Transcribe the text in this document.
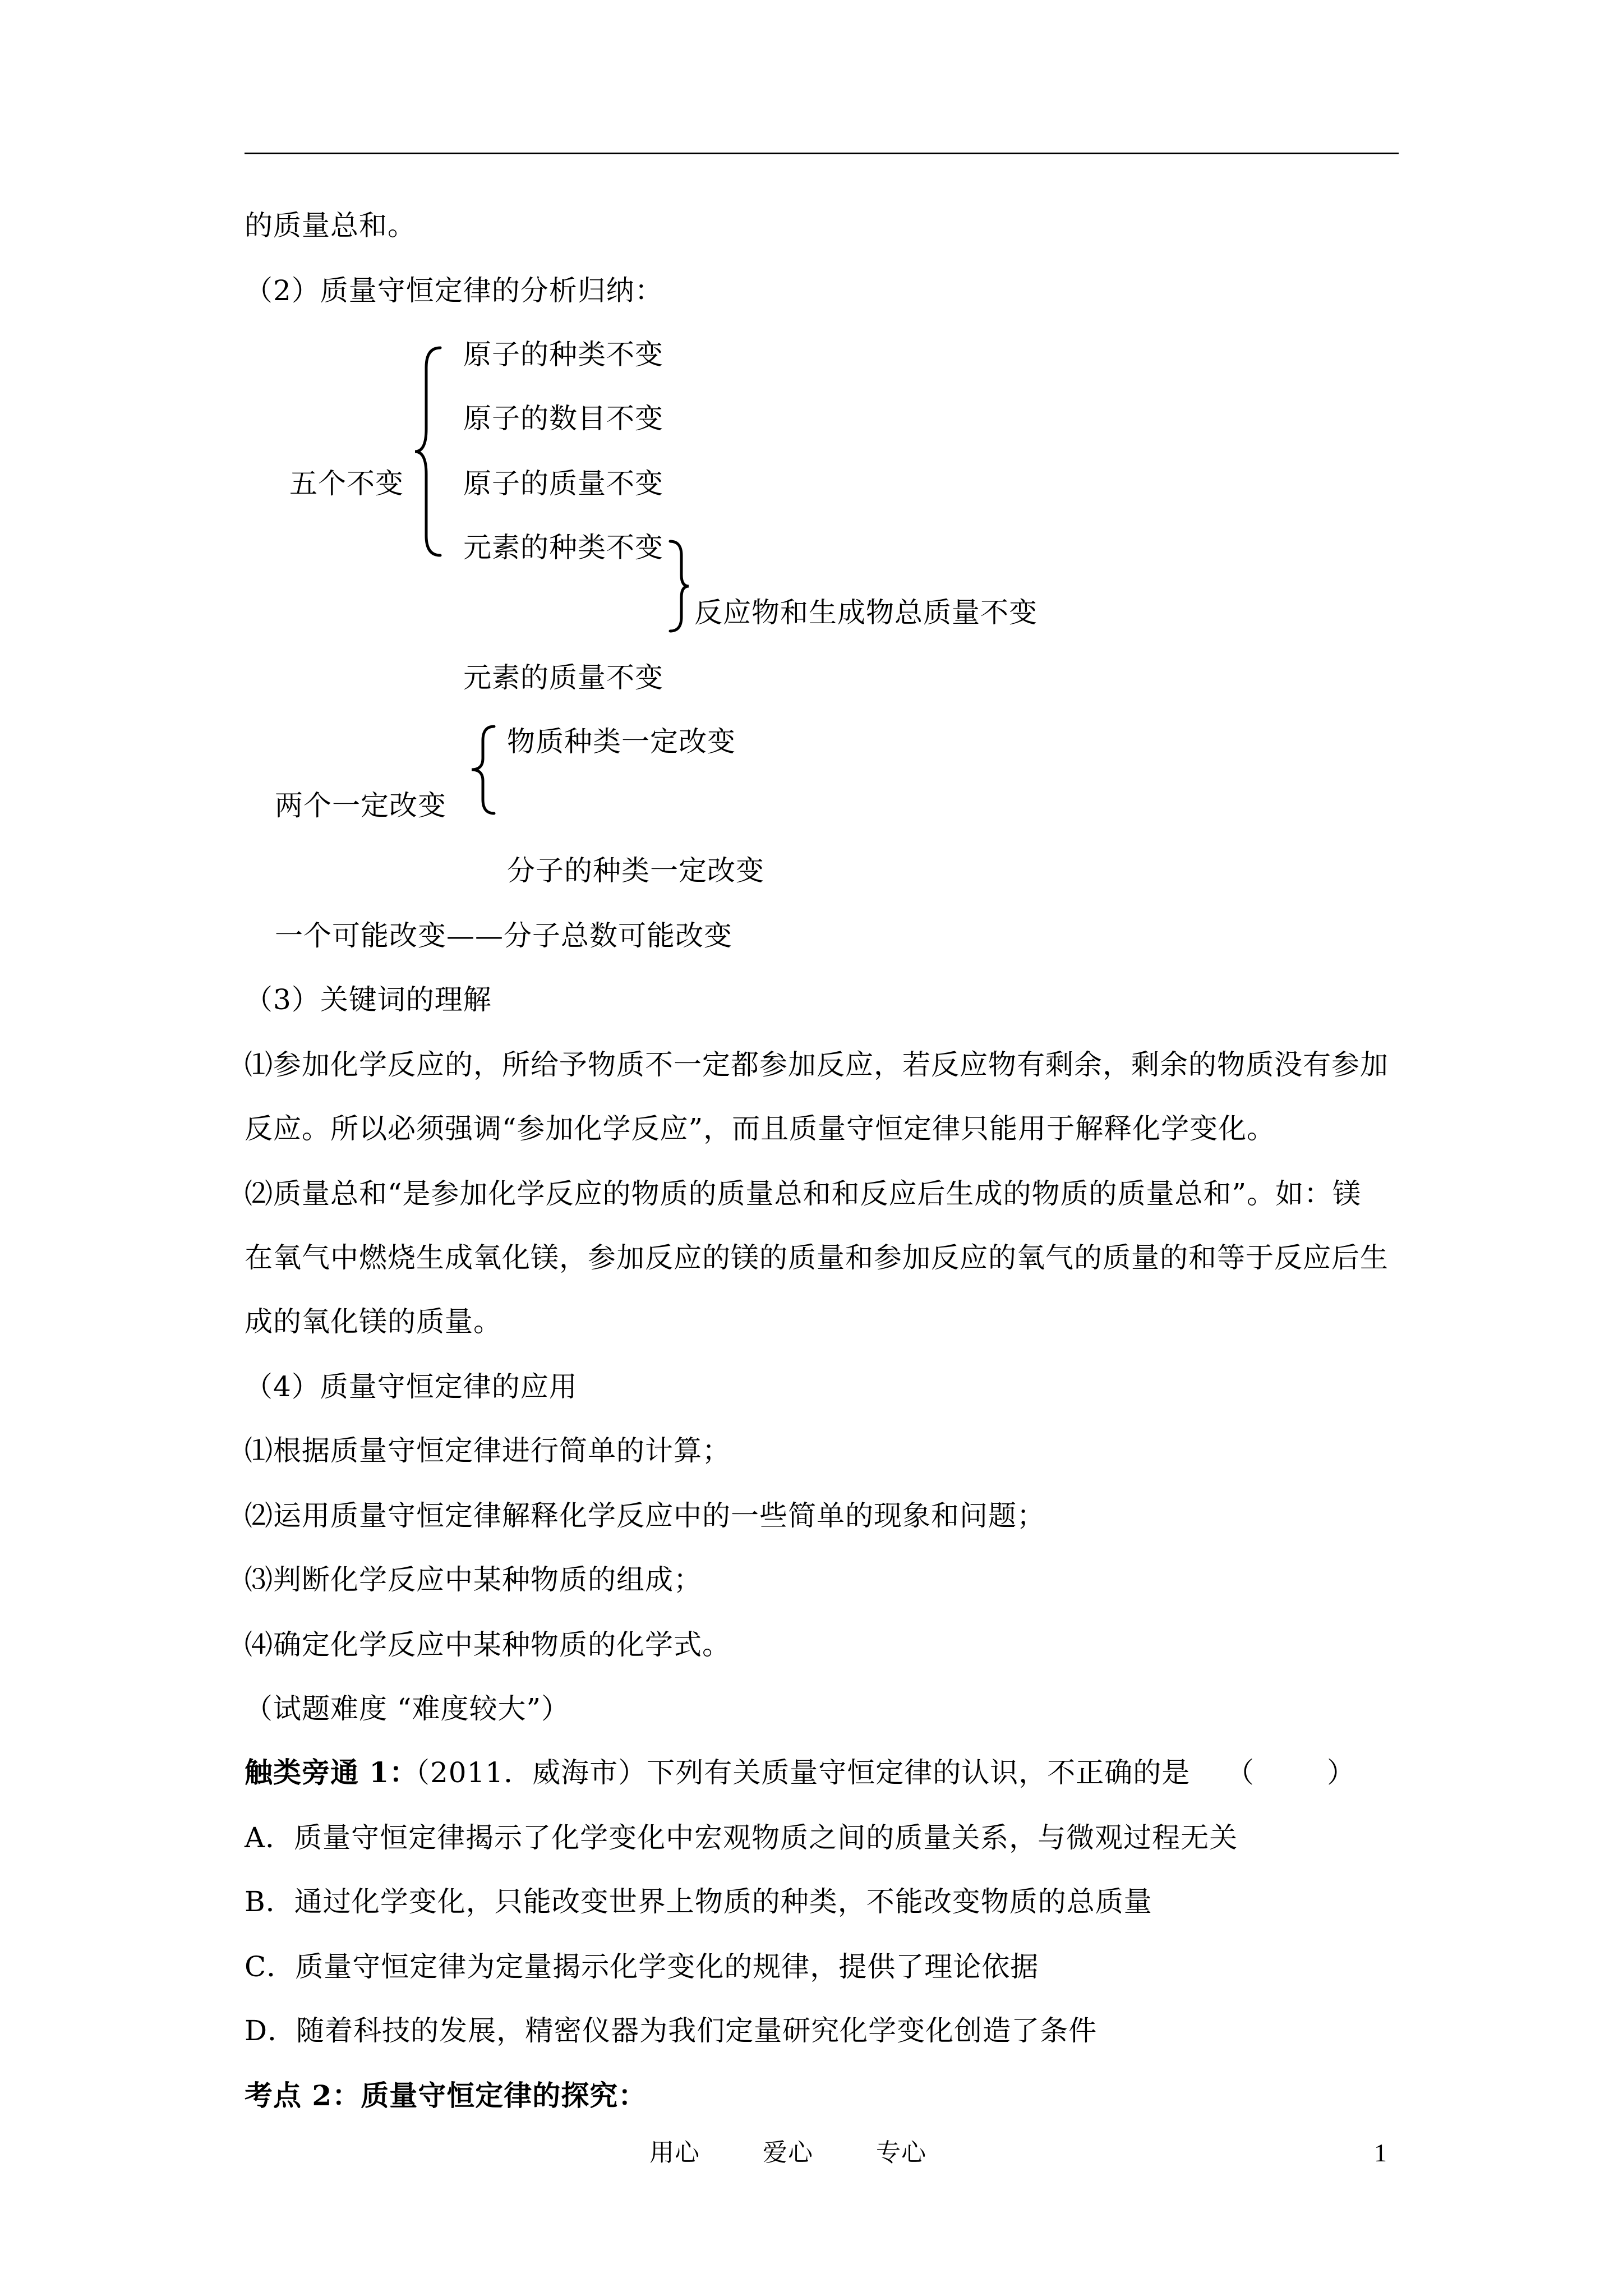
的质量总和。
（2）质量守恒定律的分析归纳：
五个不变
原子的种类不变
原子的数目不变
原子的质量不变
元素的种类不变
反应物和生成物总质量不变
元素的质量不变
物质种类一定改变
两个一定改变
分子的种类一定改变
一个可能改变——分子总数可能改变
（3）关键词的理解
⑴参加化学反应的，所给予物质不一定都参加反应，若反应物有剩余，剩余的物质没有参加
反应。所以必须强调“参加化学反应”，而且质量守恒定律只能用于解释化学变化。
⑵质量总和“是参加化学反应的物质的质量总和和反应后生成的物质的质量总和”。如：镁
在氧气中燃烧生成氧化镁，参加反应的镁的质量和参加反应的氧气的质量的和等于反应后生
成的氧化镁的质量。
（4）质量守恒定律的应用
⑴根据质量守恒定律进行简单的计算；
⑵运用质量守恒定律解释化学反应中的一些简单的现象和问题；
⑶判断化学反应中某种物质的组成；
⑷确定化学反应中某种物质的化学式。
（试题难度 “难度较大”）
触类旁通 1：
（2011．威海市）下列有关质量守恒定律的认识，不正确的是 （	）
A．质量守恒定律揭示了化学变化中宏观物质之间的质量关系，与微观过程无关
B．通过化学变化，只能改变世界上物质的种类，不能改变物质的总质量
C．质量守恒定律为定量揭示化学变化的规律，提供了理论依据
D．随着科技的发展，精密仪器为我们定量研究化学变化创造了条件
考点 2：质量守恒定律的探究：
用心	爱心	专心	1
